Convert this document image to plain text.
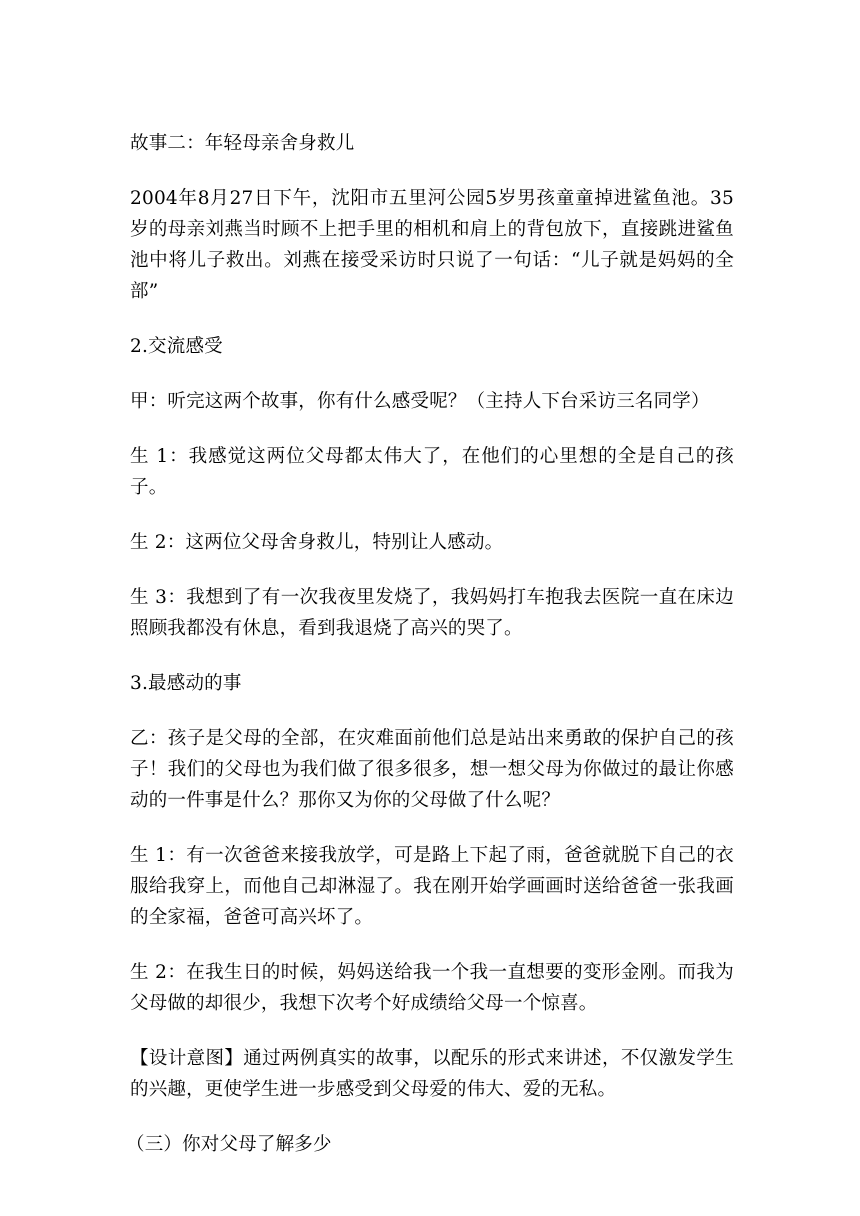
故事二：年轻母亲舍身救儿

2004年8月27日下午，沈阳市五里河公园5岁男孩童童掉进鲨鱼池。35 岁的母亲刘燕当时顾不上把手里的相机和肩上的背包放下，直接跳进鲨鱼池中将儿子救出。刘燕在接受采访时只说了一句话：“儿子就是妈妈的全部”

2.交流感受

甲：听完这两个故事，你有什么感受呢？（主持人下台采访三名同学）

生 1：我感觉这两位父母都太伟大了，在他们的心里想的全是自己的孩子。

生 2：这两位父母舍身救儿，特别让人感动。

生 3：我想到了有一次我夜里发烧了，我妈妈打车抱我去医院一直在床边照顾我都没有休息，看到我退烧了高兴的哭了。

3.最感动的事

乙：孩子是父母的全部，在灾难面前他们总是站出来勇敢的保护自己的孩子！我们的父母也为我们做了很多很多，想一想父母为你做过的最让你感动的一件事是什么？那你又为你的父母做了什么呢？

生 1：有一次爸爸来接我放学，可是路上下起了雨，爸爸就脱下自己的衣服给我穿上，而他自己却淋湿了。我在刚开始学画画时送给爸爸一张我画的全家福，爸爸可高兴坏了。

生 2：在我生日的时候，妈妈送给我一个我一直想要的变形金刚。而我为父母做的却很少，我想下次考个好成绩给父母一个惊喜。

【设计意图】通过两例真实的故事，以配乐的形式来讲述，不仅激发学生的兴趣，更使学生进一步感受到父母爱的伟大、爱的无私。

（三）你对父母了解多少
